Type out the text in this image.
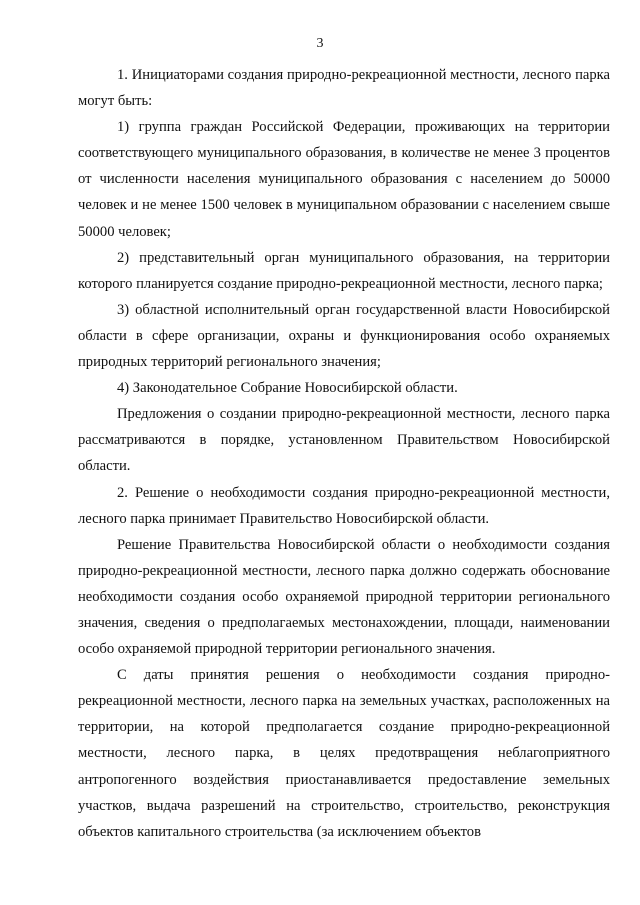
3

1. Инициаторами создания природно-рекреационной местности, лесного парка могут быть:

1) группа граждан Российской Федерации, проживающих на территории соответствующего муниципального образования, в количестве не менее 3 процентов от численности населения муниципального образования с населением до 50000 человек и не менее 1500 человек в муниципальном образовании с населением свыше 50000 человек;

2) представительный орган муниципального образования, на территории которого планируется создание природно-рекреационной местности, лесного парка;

3) областной исполнительный орган государственной власти Новосибирской области в сфере организации, охраны и функционирования особо охраняемых природных территорий регионального значения;

4) Законодательное Собрание Новосибирской области.

Предложения о создании природно-рекреационной местности, лесного парка рассматриваются в порядке, установленном Правительством Новосибирской области.

2. Решение о необходимости создания природно-рекреационной местности, лесного парка принимает Правительство Новосибирской области.

Решение Правительства Новосибирской области о необходимости создания природно-рекреационной местности, лесного парка должно содержать обоснование необходимости создания особо охраняемой природной территории регионального значения, сведения о предполагаемых местонахождении, площади, наименовании особо охраняемой природной территории регионального значения.

С даты принятия решения о необходимости создания природно-рекреационной местности, лесного парка на земельных участках, расположенных на территории, на которой предполагается создание природно-рекреационной местности, лесного парка, в целях предотвращения неблагоприятного антропогенного воздействия приостанавливается предоставление земельных участков, выдача разрешений на строительство, строительство, реконструкция объектов капитального строительства (за исключением объектов
